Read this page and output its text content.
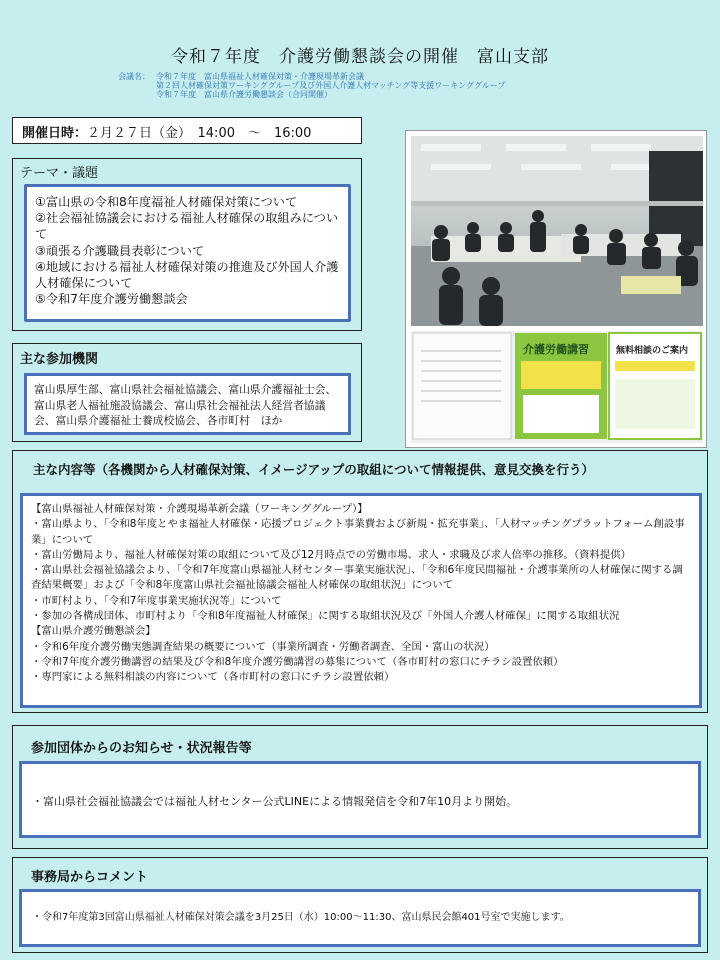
令和７年度　介護労働懇談会の開催　富山支部
会議名： 令和７年度　富山県福祉人材確保対策・介護現場革新会議
第２回人材確保対策ワーキンググループ及び外国人介護人材マッチング等支援ワーキンググループ
令和７年度　富山県介護労働懇談会（合同開催）
開催日時：２月２７日（金）　14:00　～　16:00
テーマ・議題

①富山県の令和8年度福祉人材確保対策について

②社会福祉協議会における福祉人材確保の取組みについて

③頑張る介護職員表彰について

④地域における福祉人材確保対策の推進及び外国人介護人材確保について

⑤令和7年度介護労働懇談会

主な参加機関
富山県厚生部、富山県社会福祉協議会、富山県介護福祉士会、富山県老人福祉施設協議会、富山県社会福祉法人経営者協議会、富山県介護福祉士養成校協会、各市町村　ほか
介護労働講習	無料相談のご案内
主な内容等（各機関から人材確保対策、イメージアップの取組について情報提供、意見交換を行う）

【富山県福祉人材確保対策・介護現場革新会議（ワーキンググループ）】

・富山県より、「令和8年度とやま福祉人材確保・応援プロジェクト事業費および新規・拡充事業」、「人材マッチングプラットフォーム創設事業」について

・富山労働局より、福祉人材確保対策の取組について及び12月時点での労働市場、求人・求職及び求人倍率の推移。（資料提供）

・富山県社会福祉協議会より、「令和7年度富山県福祉人材センター事業実施状況」、「令和6年度民間福祉・介護事業所の人材確保に関する調査結果概要」および「令和8年度富山県社会福祉協議会福祉人材確保の取組状況」について

・市町村より、「令和7年度事業実施状況等」について

・参加の各構成団体、市町村より「令和8年度福祉人材確保」に関する取組状況及び「外国人介護人材確保」に関する取組状況

【富山県介護労働懇談会】

・令和6年度介護労働実態調査結果の概要について（事業所調査・労働者調査、全国・富山の状況）

・令和7年度介護労働講習の結果及び令和8年度介護労働講習の募集について（各市町村の窓口にチラシ設置依頼）

・専門家による無料相談の内容について（各市町村の窓口にチラシ設置依頼）

参加団体からのお知らせ・状況報告等
・富山県社会福祉協議会では福祉人材センター公式LINEによる情報発信を令和7年10月より開始。
事務局からコメント
・令和7年度第3回富山県福祉人材確保対策会議を3月25日（水）10:00～11:30、富山県民会館401号室で実施します。
